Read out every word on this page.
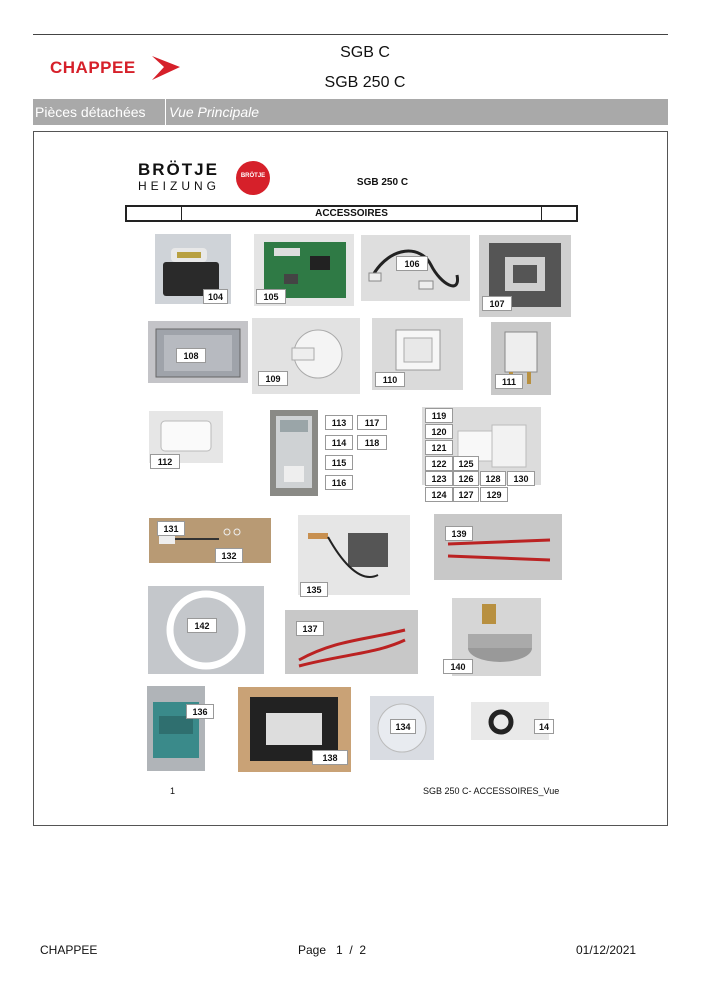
CHAPPEE
SGB C
SGB 250 C
Pièces détachées	Vue Principale
BRÖTJE
HEIZUNG
BRÖTJE
SGB 250 C
ACCESSOIRES
104	105
106
107
108
109	110	111
112
113
114
115
116
117
118
119
120
121
122
123
124
125
126
127
128
129
130
131
132
135
139
142	137
140
136
138
134	14
1	SGB 250 C- ACCESSOIRES_Vue
CHAPPEE	Page   1  /  2	01/12/2021
